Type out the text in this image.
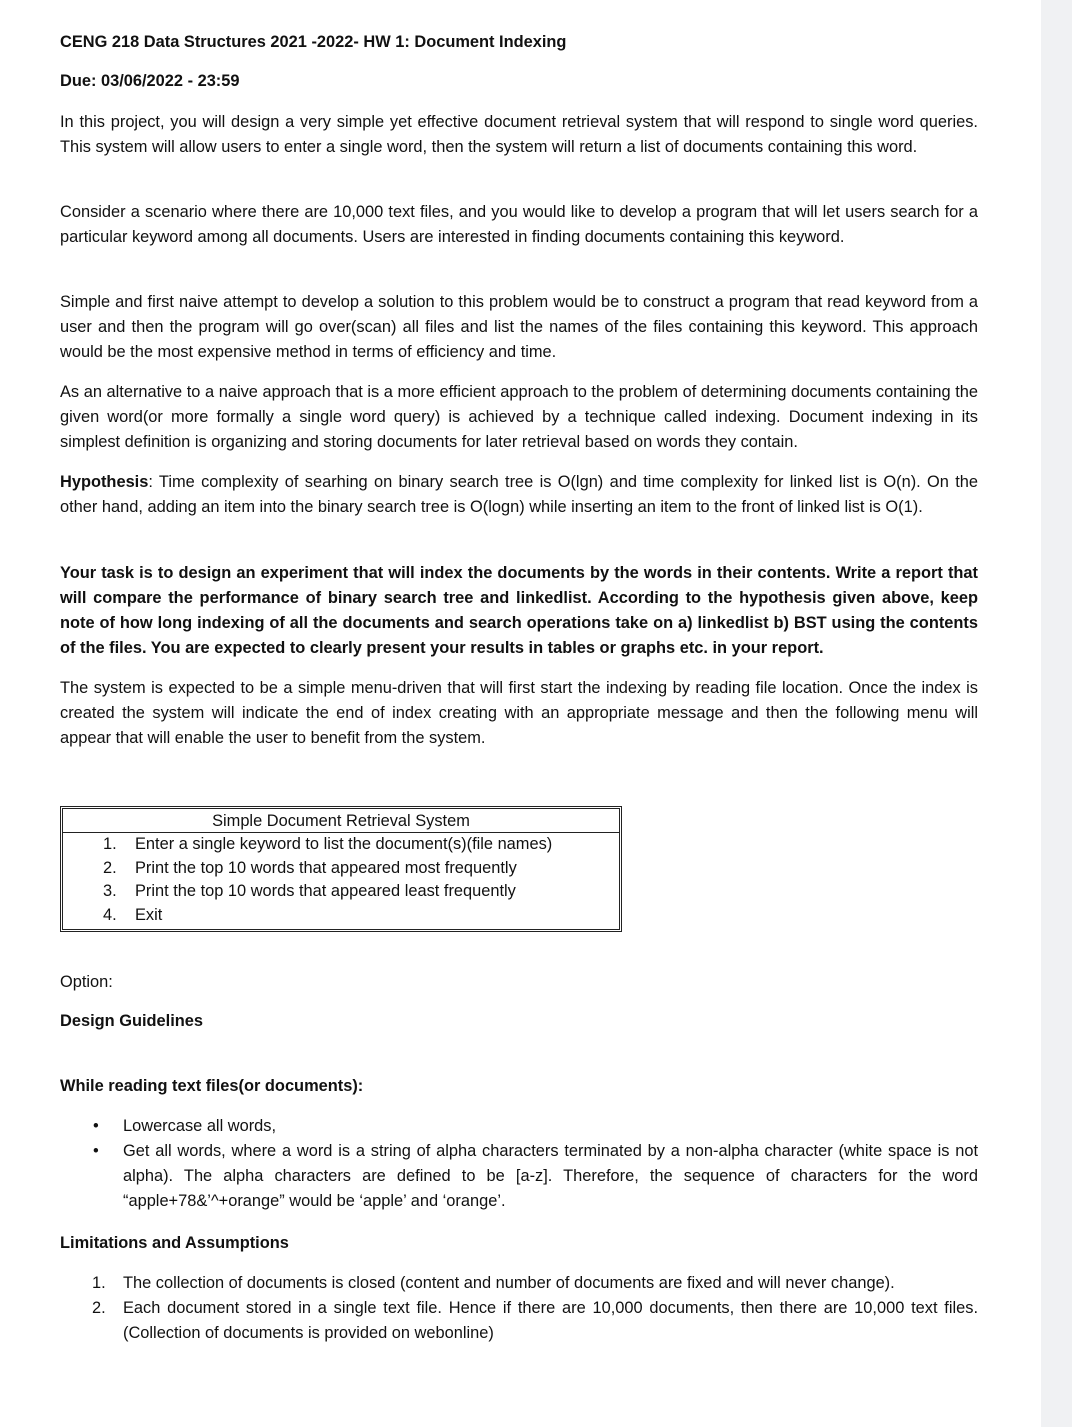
CENG 218 Data Structures 2021 -2022- HW 1: Document Indexing

Due: 03/06/2022 - 23:59

In this project, you will design a very simple yet effective document retrieval system that will respond to single word queries. This system will allow users to enter a single word, then the system will return a list of documents containing this word.

Consider a scenario where there are 10,000 text files, and you would like to develop a program that will let users search for a particular keyword among all documents. Users are interested in finding documents containing this keyword.

Simple and first naive attempt to develop a solution to this problem would be to construct a program that read keyword from a user and then the program will go over(scan) all files and list the names of the files containing this keyword. This approach would be the most expensive method in terms of efficiency and time.

As an alternative to a naive approach that is a more efficient approach to the problem of determining documents containing the given word(or more formally a single word query) is achieved by a technique called indexing. Document indexing in its simplest definition is organizing and storing documents for later retrieval based on words they contain.

Hypothesis: Time complexity of searhing on binary search tree is O(lgn) and time complexity for linked list is O(n). On the other hand, adding an item into the binary search tree is O(logn) while inserting an item to the front of linked list is O(1).

Your task is to design an experiment that will index the documents by the words in their contents. Write a report that will compare the performance of binary search tree and linkedlist. According to the hypothesis given above, keep note of how long indexing of all the documents and search operations take on a) linkedlist b) BST using the contents of the files. You are expected to clearly present your results in tables or graphs etc. in your report.

The system is expected to be a simple menu-driven that will first start the indexing by reading file location. Once the index is created the system will indicate the end of index creating with an appropriate message and then the following menu will appear that will enable the user to benefit from the system.

Simple Document Retrieval System
1.	Enter a single keyword to list the document(s)(file names)
2.	Print the top 10 words that appeared most frequently
3.	Print the top 10 words that appeared least frequently
4.	Exit

Option:

Design Guidelines

While reading text files(or documents):

• Lowercase all words,
• Get all words, where a word is a string of alpha characters terminated by a non-alpha character (white space is not alpha). The alpha characters are defined to be [a-z]. Therefore, the sequence of characters for the word “apple+78&’^+orange” would be ‘apple’ and ‘orange’.

Limitations and Assumptions

1. The collection of documents is closed (content and number of documents are fixed and will never change).
2. Each document stored in a single text file. Hence if there are 10,000 documents, then there are 10,000 text files. (Collection of documents is provided on webonline)
